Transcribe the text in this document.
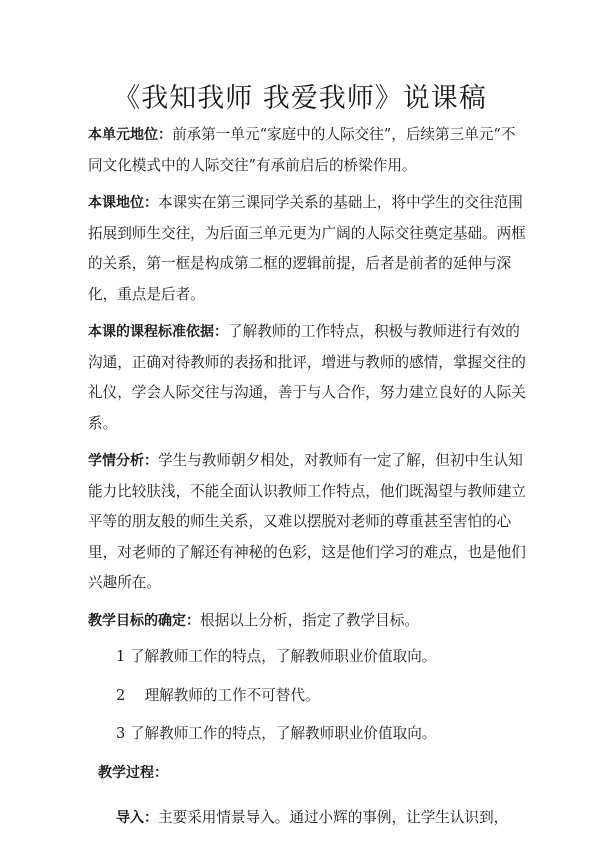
《我知我师 我爱我师》说课稿

本单元地位：前承第一单元“家庭中的人际交往”，后续第三单元“不同文化模式中的人际交往”有承前启后的桥梁作用。

本课地位：本课实在第三课同学关系的基础上，将中学生的交往范围拓展到师生交往，为后面三单元更为广阔的人际交往奠定基础。两框的关系，第一框是构成第二框的逻辑前提，后者是前者的延伸与深化，重点是后者。

本课的课程标准依据：了解教师的工作特点，积极与教师进行有效的沟通，正确对待教师的表扬和批评，增进与教师的感情，掌握交往的礼仪，学会人际交往与沟通，善于与人合作，努力建立良好的人际关系。

学情分析：学生与教师朝夕相处，对教师有一定了解，但初中生认知能力比较肤浅，不能全面认识教师工作特点，他们既渴望与教师建立平等的朋友般的师生关系，又难以摆脱对老师的尊重甚至害怕的心里，对老师的了解还有神秘的色彩，这是他们学习的难点，也是他们兴趣所在。

教学目标的确定：根据以上分析，指定了教学目标。

1 了解教师工作的特点，了解教师职业价值取向。

2　 理解教师的工作不可替代。

3 了解教师工作的特点，了解教师职业价值取向。

教学过程：

导入：主要采用情景导入。通过小辉的事例，让学生认识到，
